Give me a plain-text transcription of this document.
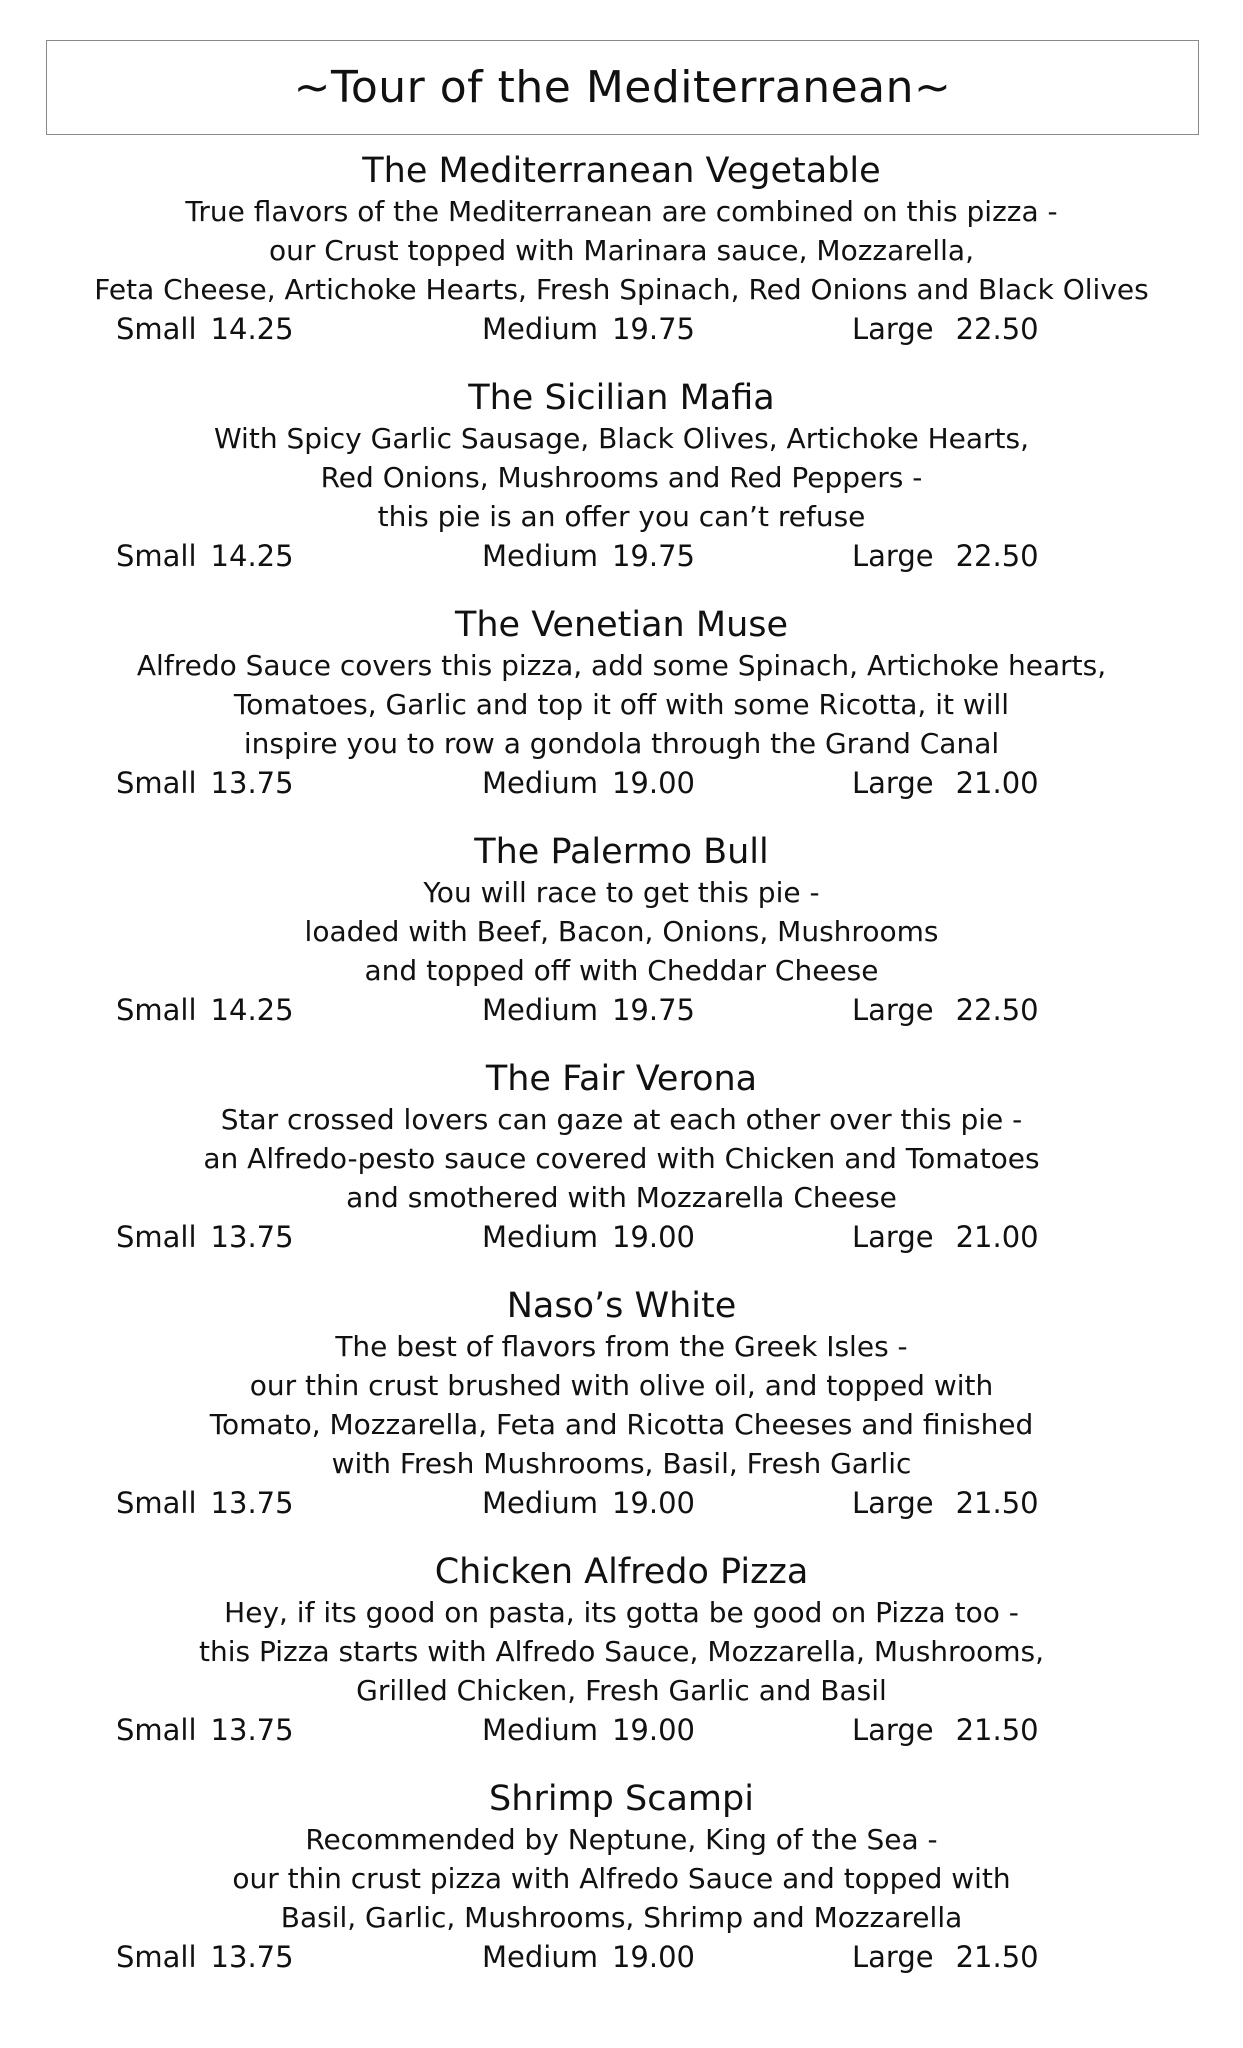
~Tour of the Mediterranean~
The Mediterranean Vegetable
True flavors of the Mediterranean are combined on this pizza -
our Crust topped with Marinara sauce, Mozzarella,
Feta Cheese, Artichoke Hearts, Fresh Spinach, Red Onions and Black Olives
Small 14.25	Medium 19.75	Large 22.50
The Sicilian Mafia
With Spicy Garlic Sausage, Black Olives, Artichoke Hearts,
Red Onions, Mushrooms and Red Peppers -
this pie is an offer you can’t refuse
Small 14.25	Medium 19.75	Large 22.50
The Venetian Muse
Alfredo Sauce covers this pizza, add some Spinach, Artichoke hearts,
Tomatoes, Garlic and top it off with some Ricotta, it will
inspire you to row a gondola through the Grand Canal
Small 13.75	Medium 19.00	Large 21.00
The Palermo Bull
You will race to get this pie -
loaded with Beef, Bacon, Onions, Mushrooms
and topped off with Cheddar Cheese
Small 14.25	Medium 19.75	Large 22.50
The Fair Verona
Star crossed lovers can gaze at each other over this pie -
an Alfredo-pesto sauce covered with Chicken and Tomatoes
and smothered with Mozzarella Cheese
Small 13.75	Medium 19.00	Large 21.00
Naso’s White
The best of flavors from the Greek Isles -
our thin crust brushed with olive oil, and topped with
Tomato, Mozzarella, Feta and Ricotta Cheeses and finished
with Fresh Mushrooms, Basil, Fresh Garlic
Small 13.75	Medium 19.00	Large 21.50
Chicken Alfredo Pizza
Hey, if its good on pasta, its gotta be good on Pizza too -
this Pizza starts with Alfredo Sauce, Mozzarella, Mushrooms,
Grilled Chicken, Fresh Garlic and Basil
Small 13.75	Medium 19.00	Large 21.50
Shrimp Scampi
Recommended by Neptune, King of the Sea -
our thin crust pizza with Alfredo Sauce and topped with
Basil, Garlic, Mushrooms, Shrimp and Mozzarella
Small 13.75	Medium 19.00	Large 21.50
